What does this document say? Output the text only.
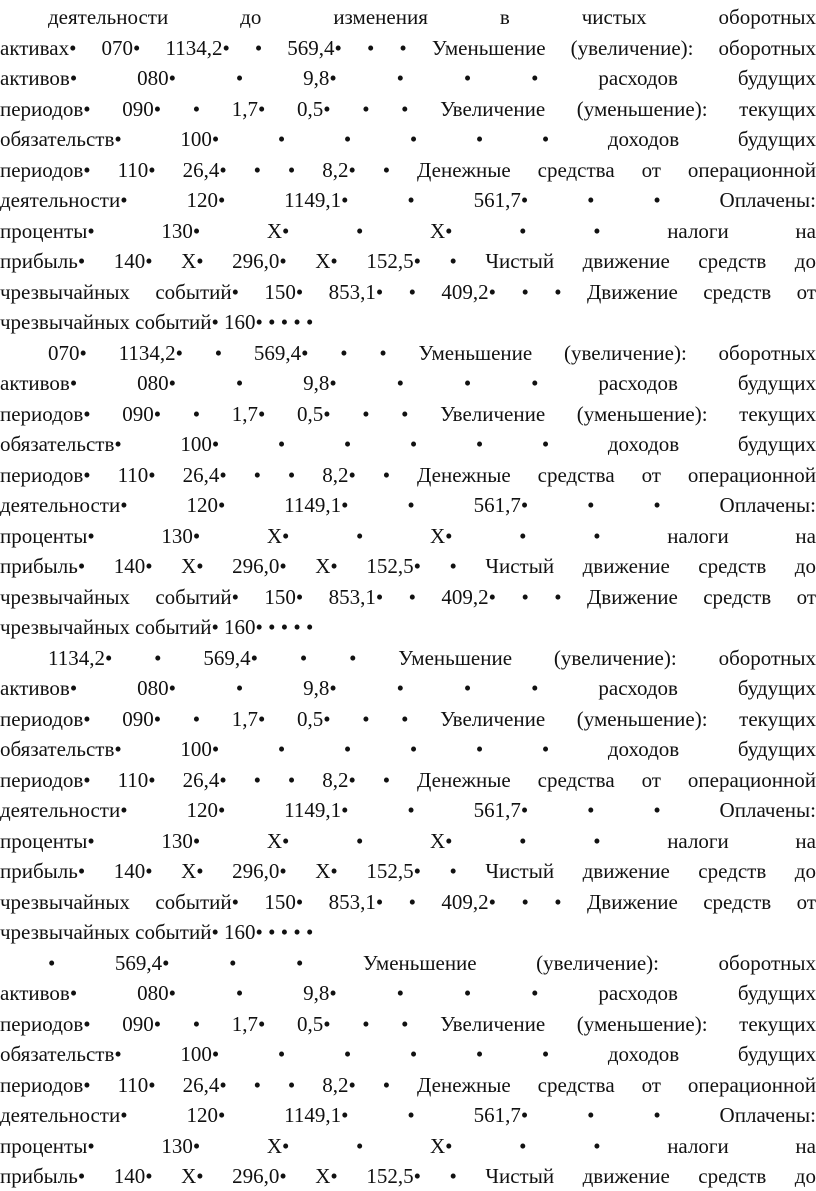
деятельности до изменения в чистых оборотных
активах• 070• 1134,2• • 569,4• • • Уменьшение (увеличение): оборотных
активов• 080• • 9,8• • • • расходов будущих
периодов• 090• • 1,7• 0,5• • • Увеличение (уменьшение): текущих
обязательств• 100• • • • • • доходов будущих
периодов• 110• 26,4• • • 8,2• • Денежные средства от операционной
деятельности• 120• 1149,1• • 561,7• • • Оплачены:
проценты• 130• X• • X• • • налоги на
прибыль• 140• X• 296,0• X• 152,5• • Чистый движение средств до
чрезвычайных событий• 150• 853,1• • 409,2• • • Движение средств от
чрезвычайных событий• 160• • • • •
070• 1134,2• • 569,4• • • Уменьшение (увеличение): оборотных
активов• 080• • 9,8• • • • расходов будущих
периодов• 090• • 1,7• 0,5• • • Увеличение (уменьшение): текущих
обязательств• 100• • • • • • доходов будущих
периодов• 110• 26,4• • • 8,2• • Денежные средства от операционной
деятельности• 120• 1149,1• • 561,7• • • Оплачены:
проценты• 130• X• • X• • • налоги на
прибыль• 140• X• 296,0• X• 152,5• • Чистый движение средств до
чрезвычайных событий• 150• 853,1• • 409,2• • • Движение средств от
чрезвычайных событий• 160• • • • •
1134,2• • 569,4• • • Уменьшение (увеличение): оборотных
активов• 080• • 9,8• • • • расходов будущих
периодов• 090• • 1,7• 0,5• • • Увеличение (уменьшение): текущих
обязательств• 100• • • • • • доходов будущих
периодов• 110• 26,4• • • 8,2• • Денежные средства от операционной
деятельности• 120• 1149,1• • 561,7• • • Оплачены:
проценты• 130• X• • X• • • налоги на
прибыль• 140• X• 296,0• X• 152,5• • Чистый движение средств до
чрезвычайных событий• 150• 853,1• • 409,2• • • Движение средств от
чрезвычайных событий• 160• • • • •
• 569,4• • • Уменьшение (увеличение): оборотных
активов• 080• • 9,8• • • • расходов будущих
периодов• 090• • 1,7• 0,5• • • Увеличение (уменьшение): текущих
обязательств• 100• • • • • • доходов будущих
периодов• 110• 26,4• • • 8,2• • Денежные средства от операционной
деятельности• 120• 1149,1• • 561,7• • • Оплачены:
проценты• 130• X• • X• • • налоги на
прибыль• 140• X• 296,0• X• 152,5• • Чистый движение средств до
